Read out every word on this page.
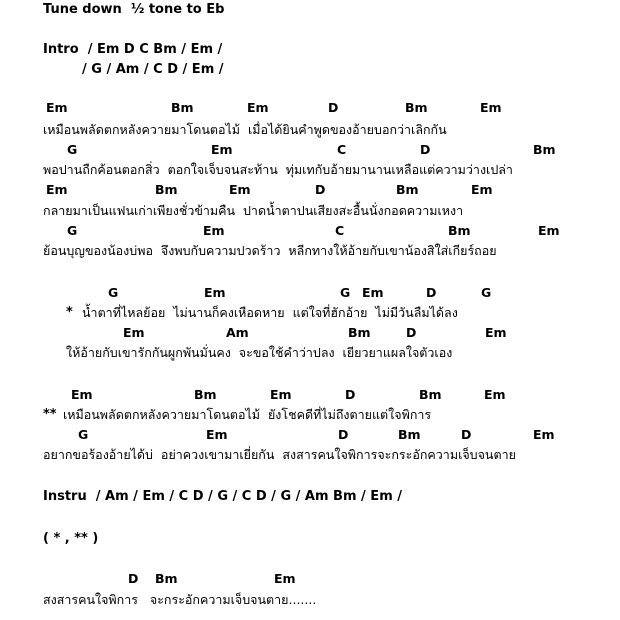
Tune down  ½ tone to Eb
Intro  / Em D C Bm / Em /
/ G / Am / C D / Em /
Em	Bm	Em	D	Bm	Em
เหมือนพลัดตกหลังควายมาโดนตอไม้  เมื่อได้ยินคำพูดของอ้ายบอกว่าเลิกกัน
G	Em	C	D	Bm
พอปานถืกค้อนตอกสิ่ว  ตอกใจเจ็บจนสะท้าน  ทุ่มเทกับอ้ายมานานเหลือแต่ความว่างเปล่า
Em	Bm	Em	D	Bm	Em
กลายมาเป็นแฟนเก่าเพียงชั่วข้ามคืน  ปาดน้ำตาปนเสียงสะอื้นนั่งกอดความเหงา
G	Em	C	Bm	Em
ย้อนบุญของน้องบ่พอ  จึงพบกับความปวดร้าว  หลีกทางให้อ้ายกับเขาน้องสิใส่เกียร์ถอย
G	Em	G Em	D	G
* น้ำตาที่ไหลย้อย  ไม่นานก็คงเหือดหาย  แต่ใจที่ฮักอ้าย  ไม่มีวันลืมได้ลง
Em	Am	Bm	D	Em
ให้อ้ายกับเขารักกันผูกพันมั่นคง  จะขอใช้คำว่าปลง  เยียวยาแผลใจตัวเอง
Em	Bm	Em	D	Bm	Em
** เหมือนพลัดตกหลังควายมาโดนตอไม้  ยังโชคดีที่ไม่ถึงตายแต่ใจพิการ
G	Em	D	Bm	D	Em
อยากขอร้องอ้ายได้บ่  อย่าควงเขามาเยี่ยกัน  สงสารคนใจพิการจะกระอักความเจ็บจนตาย
Instru  / Am / Em / C D / G / C D / G / Am Bm / Em /
( * , ** )
D Bm	Em
สงสารคนใจพิการ   จะกระอักความเจ็บจนตาย.......
